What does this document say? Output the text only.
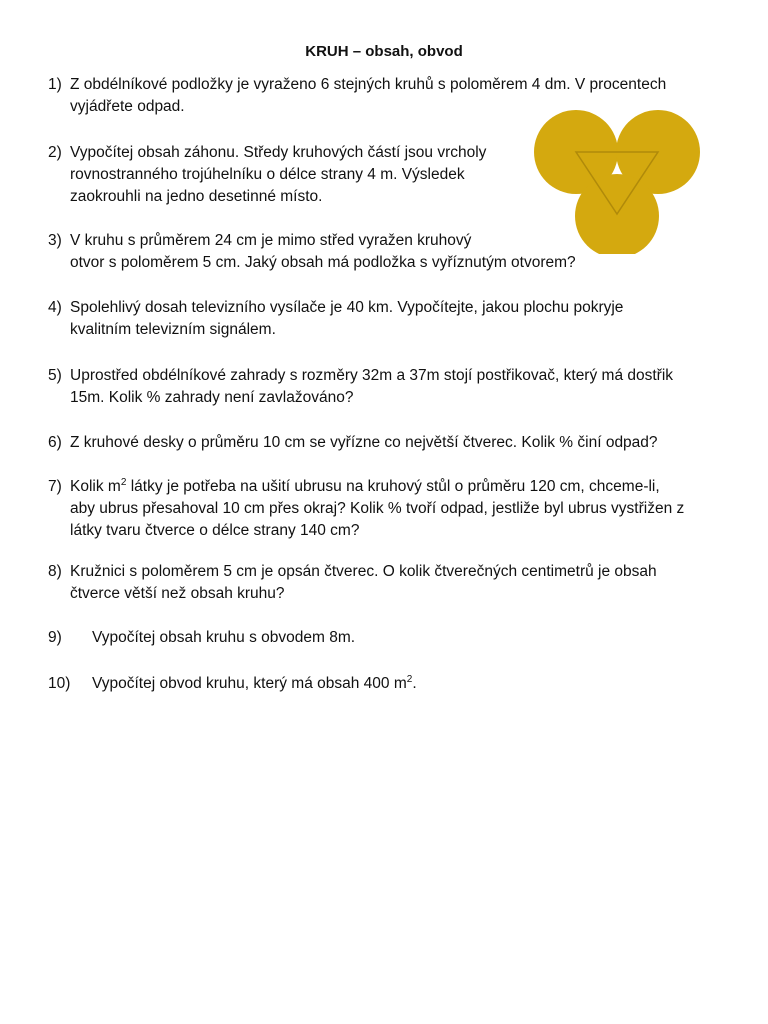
KRUH – obsah, obvod
1) Z obdélníkové podložky je vyraženo 6 stejných kruhů s poloměrem 4 dm. V procentech
vyjádřete odpad.
2) Vypočítej obsah záhonu. Středy kruhových částí jsou vrcholy
rovnostranného trojúhelníku o délce strany 4 m. Výsledek
zaokrouhli na jedno desetinné místo.
3) V kruhu s průměrem 24 cm je mimo střed vyražen kruhový
otvor s poloměrem 5 cm. Jaký obsah má podložka s vyříznutým otvorem?
4) Spolehlivý dosah televizního vysílače je 40 km. Vypočítejte, jakou plochu pokryje
kvalitním televizním signálem.
5) Uprostřed obdélníkové zahrady s rozměry 32m a 37m stojí postřikovač, který má dostřik
15m. Kolik % zahrady není zavlažováno?
6) Z kruhové desky o průměru 10 cm se vyřízne co největší čtverec. Kolik % činí odpad?
7) Kolik $m^2$ látky je potřeba na ušití ubrusu na kruhový stůl o průměru 120 cm, chceme-li,
aby ubrus přesahoval 10 cm přes okraj? Kolik % tvoří odpad, jestliže byl ubrus vystřižen z
látky tvaru čtverce o délce strany 140 cm?
8) Kružnici s poloměrem 5 cm je opsán čtverec. O kolik čtverečných centimetrů je obsah
čtverce větší než obsah kruhu?
9) Vypočítej obsah kruhu s obvodem 8m.
10) Vypočítej obvod kruhu, který má obsah 400 $m^2$.
